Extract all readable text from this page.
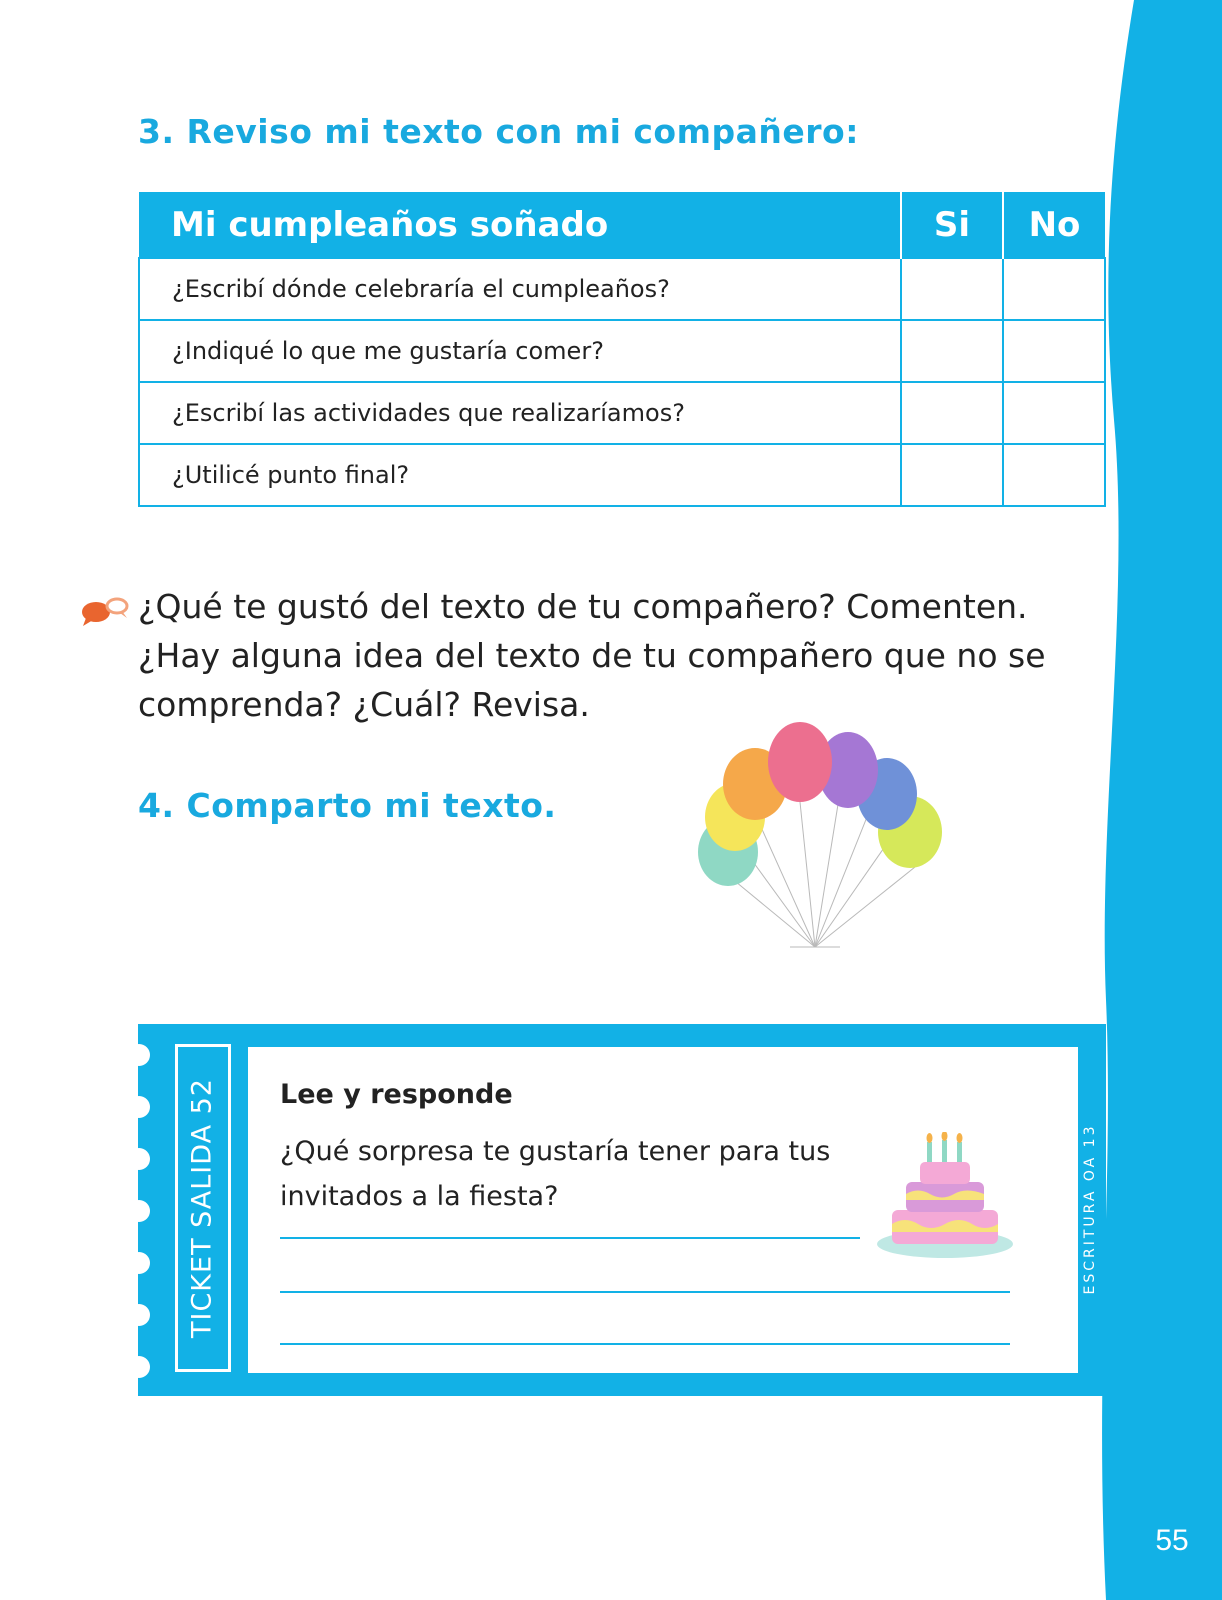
55
3. Reviso mi texto con mi compañero:
Mi cumpleaños soñado	Si	No
¿Escribí dónde celebraría el cumpleaños?		
¿Indiqué lo que me gustaría comer?		
¿Escribí las actividades que realizaríamos?		
¿Utilicé punto final?		

¿Qué te gustó del texto de tu compañero? Comenten.

¿Hay alguna idea del texto de tu compañero que no se

comprenda? ¿Cuál? Revisa.

4. Comparto mi texto.
TICKET SALIDA 52	ESCRITURA OA 13

Lee y responde

¿Qué sorpresa te gustaría tener para tus invitados a la fiesta?
